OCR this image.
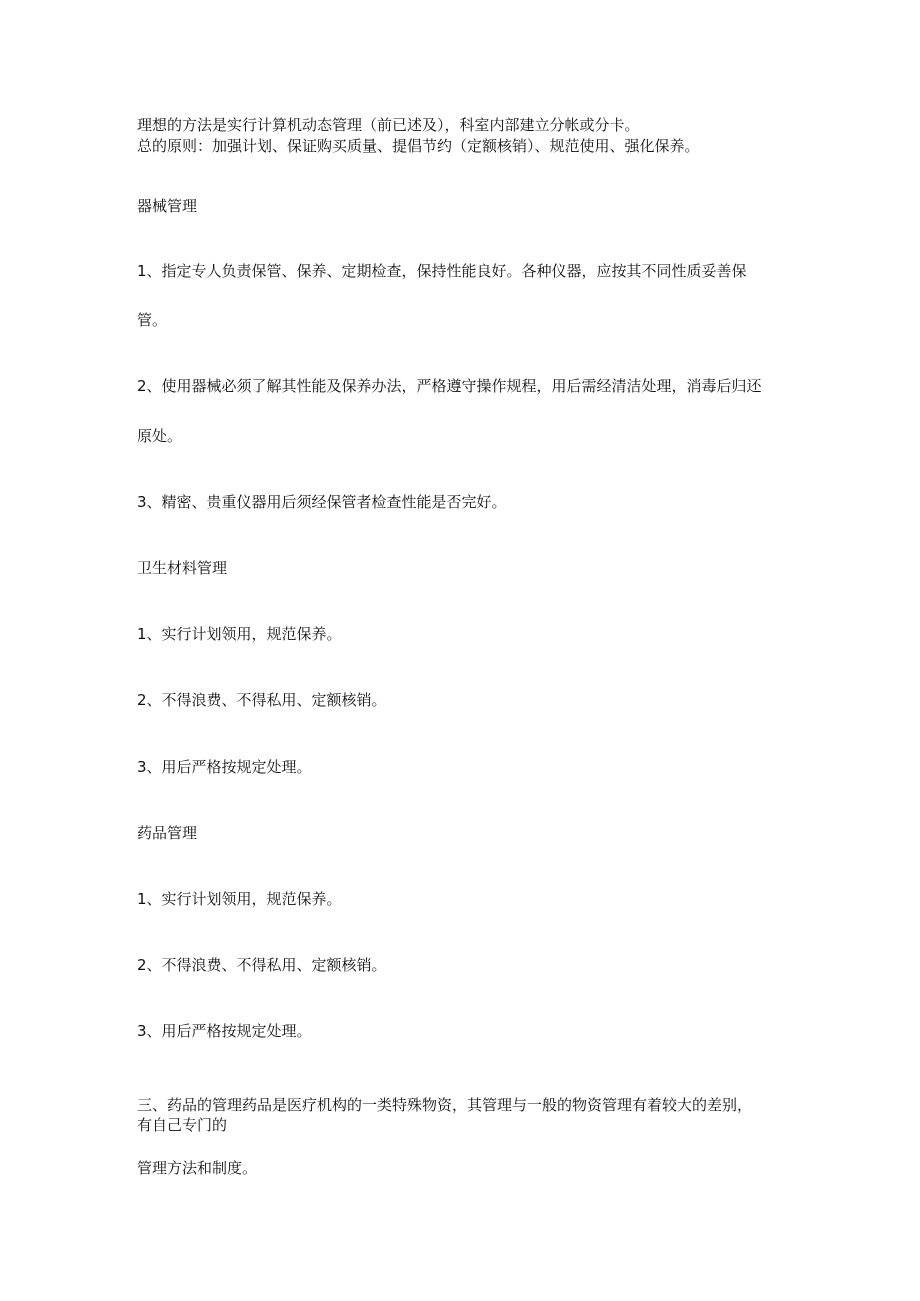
理想的方法是实行计算机动态管理（前已述及），科室内部建立分帐或分卡。
总的原则：加强计划、保证购买质量、提倡节约（定额核销）、规范使用、强化保养。
器械管理
1、指定专人负责保管、保养、定期检查，保持性能良好。各种仪器，应按其不同性质妥善保
管。
2、使用器械必须了解其性能及保养办法，严格遵守操作规程，用后需经清洁处理，消毒后归还
原处。
3、精密、贵重仪器用后须经保管者检查性能是否完好。
卫生材料管理
1、实行计划领用，规范保养。
2、不得浪费、不得私用、定额核销。
3、用后严格按规定处理。
药品管理
1、实行计划领用，规范保养。
2、不得浪费、不得私用、定额核销。
3、用后严格按规定处理。
三、药品的管理药品是医疗机构的一类特殊物资，其管理与一般的物资管理有着较大的差别，
有自己专门的
管理方法和制度。
